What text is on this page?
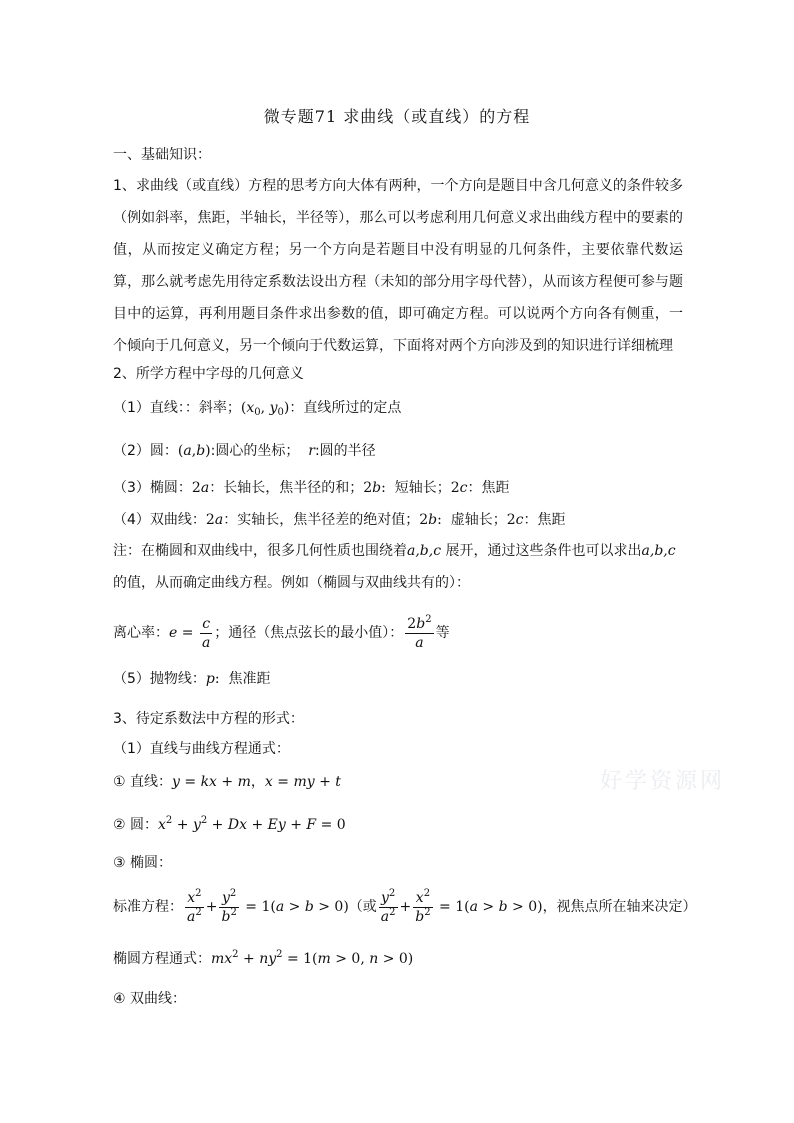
微专题71 求曲线（或直线）的方程
一、基础知识：
1、求曲线（或直线）方程的思考方向大体有两种，一个方向是题目中含几何意义的条件较多（例如斜率，焦距，半轴长，半径等），那么可以考虑利用几何意义求出曲线方程中的要素的值，从而按定义确定方程；另一个方向是若题目中没有明显的几何条件，主要依靠代数运算，那么就考虑先用待定系数法设出方程（未知的部分用字母代替），从而该方程便可参与题目中的运算，再利用题目条件求出参数的值，即可确定方程。可以说两个方向各有侧重，一个倾向于几何意义，另一个倾向于代数运算，下面将对两个方向涉及到的知识进行详细梳理
2、所学方程中字母的几何意义
（1）直线：：斜率；($x_0$, $y_0$)：直线所过的定点
（2）圆：(a,b):圆心的坐标； r:圆的半径
（3）椭圆：2a：长轴长，焦半径的和；2b: 短轴长；2c：焦距
（4）双曲线：2a：实轴长，焦半径差的绝对值；2b: 虚轴长；2c：焦距
注：在椭圆和双曲线中，很多几何性质也围绕着a,b,c 展开，通过这些条件也可以求出a,b,c
的值，从而确定曲线方程。例如（椭圆与双曲线共有的）：
离心率：$e = \frac{c}{a}$ ；通径（焦点弦长的最小值）： $\frac{2b^2}{a}$ 等
（5）抛物线：p: 焦准距
3、待定系数法中方程的形式：
（1）直线与曲线方程通式：
① 直线：y = kx + m，x = my + t
② 圆：$x^2 + y^2 + Dx + Ey + F = 0$
③ 椭圆：
标准方程： $\frac{x^2}{a^2} + \frac{y^2}{b^2} = 1(a > b > 0)$（或 $\frac{y^2}{a^2} + \frac{x^2}{b^2} = 1(a > b > 0)$，视焦点所在轴来决定）
椭圆方程通式：$mx^2 + ny^2 = 1(m > 0$, n > 0)
④ 双曲线：
好学资源网
